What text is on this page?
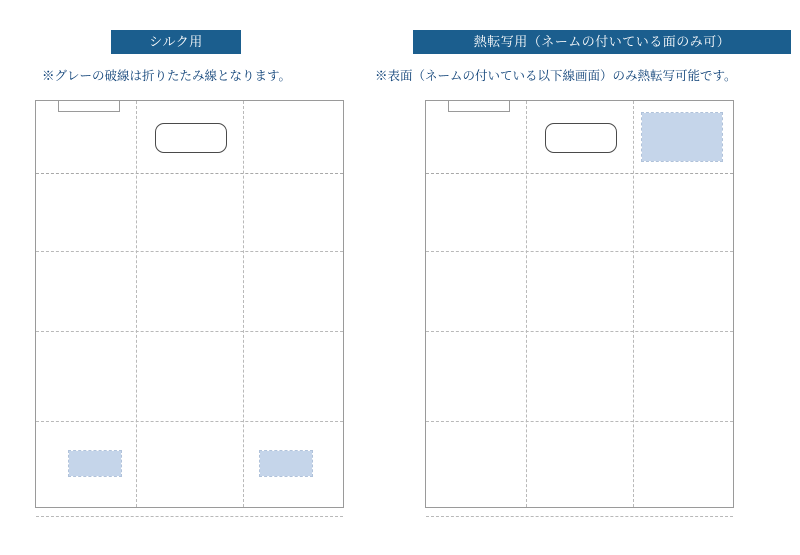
シルク用
※グレーの破線は折りたたみ線となります。
熱転写用（ネームの付いている面のみ可）
※表面（ネームの付いている以下線画面）のみ熱転写可能です。
